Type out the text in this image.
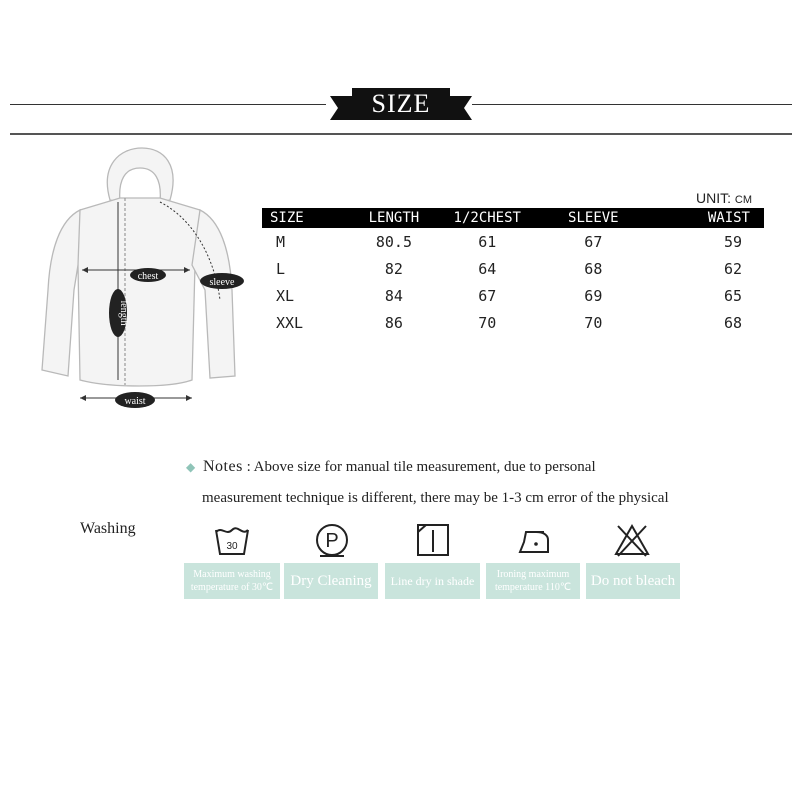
SIZE
chest
sleeve
length
waist
UNIT: CM
SIZE	LENGTH	1/2CHEST	SLEEVE	WAIST
M	80.5	61	67	59
L	82	64	68	62
XL	84	67	69	65
XXL	86	70	70	68
◆ Notes : Above size for manual tile measurement, due to personal
measurement technique is different, there may be 1-3 cm error of the physical
Washing
30	P
Maximum washing
temperature of 30℃ Dry Cleaning Line dry in shade Ironing maximum
temperature 110℃ Do not bleach
